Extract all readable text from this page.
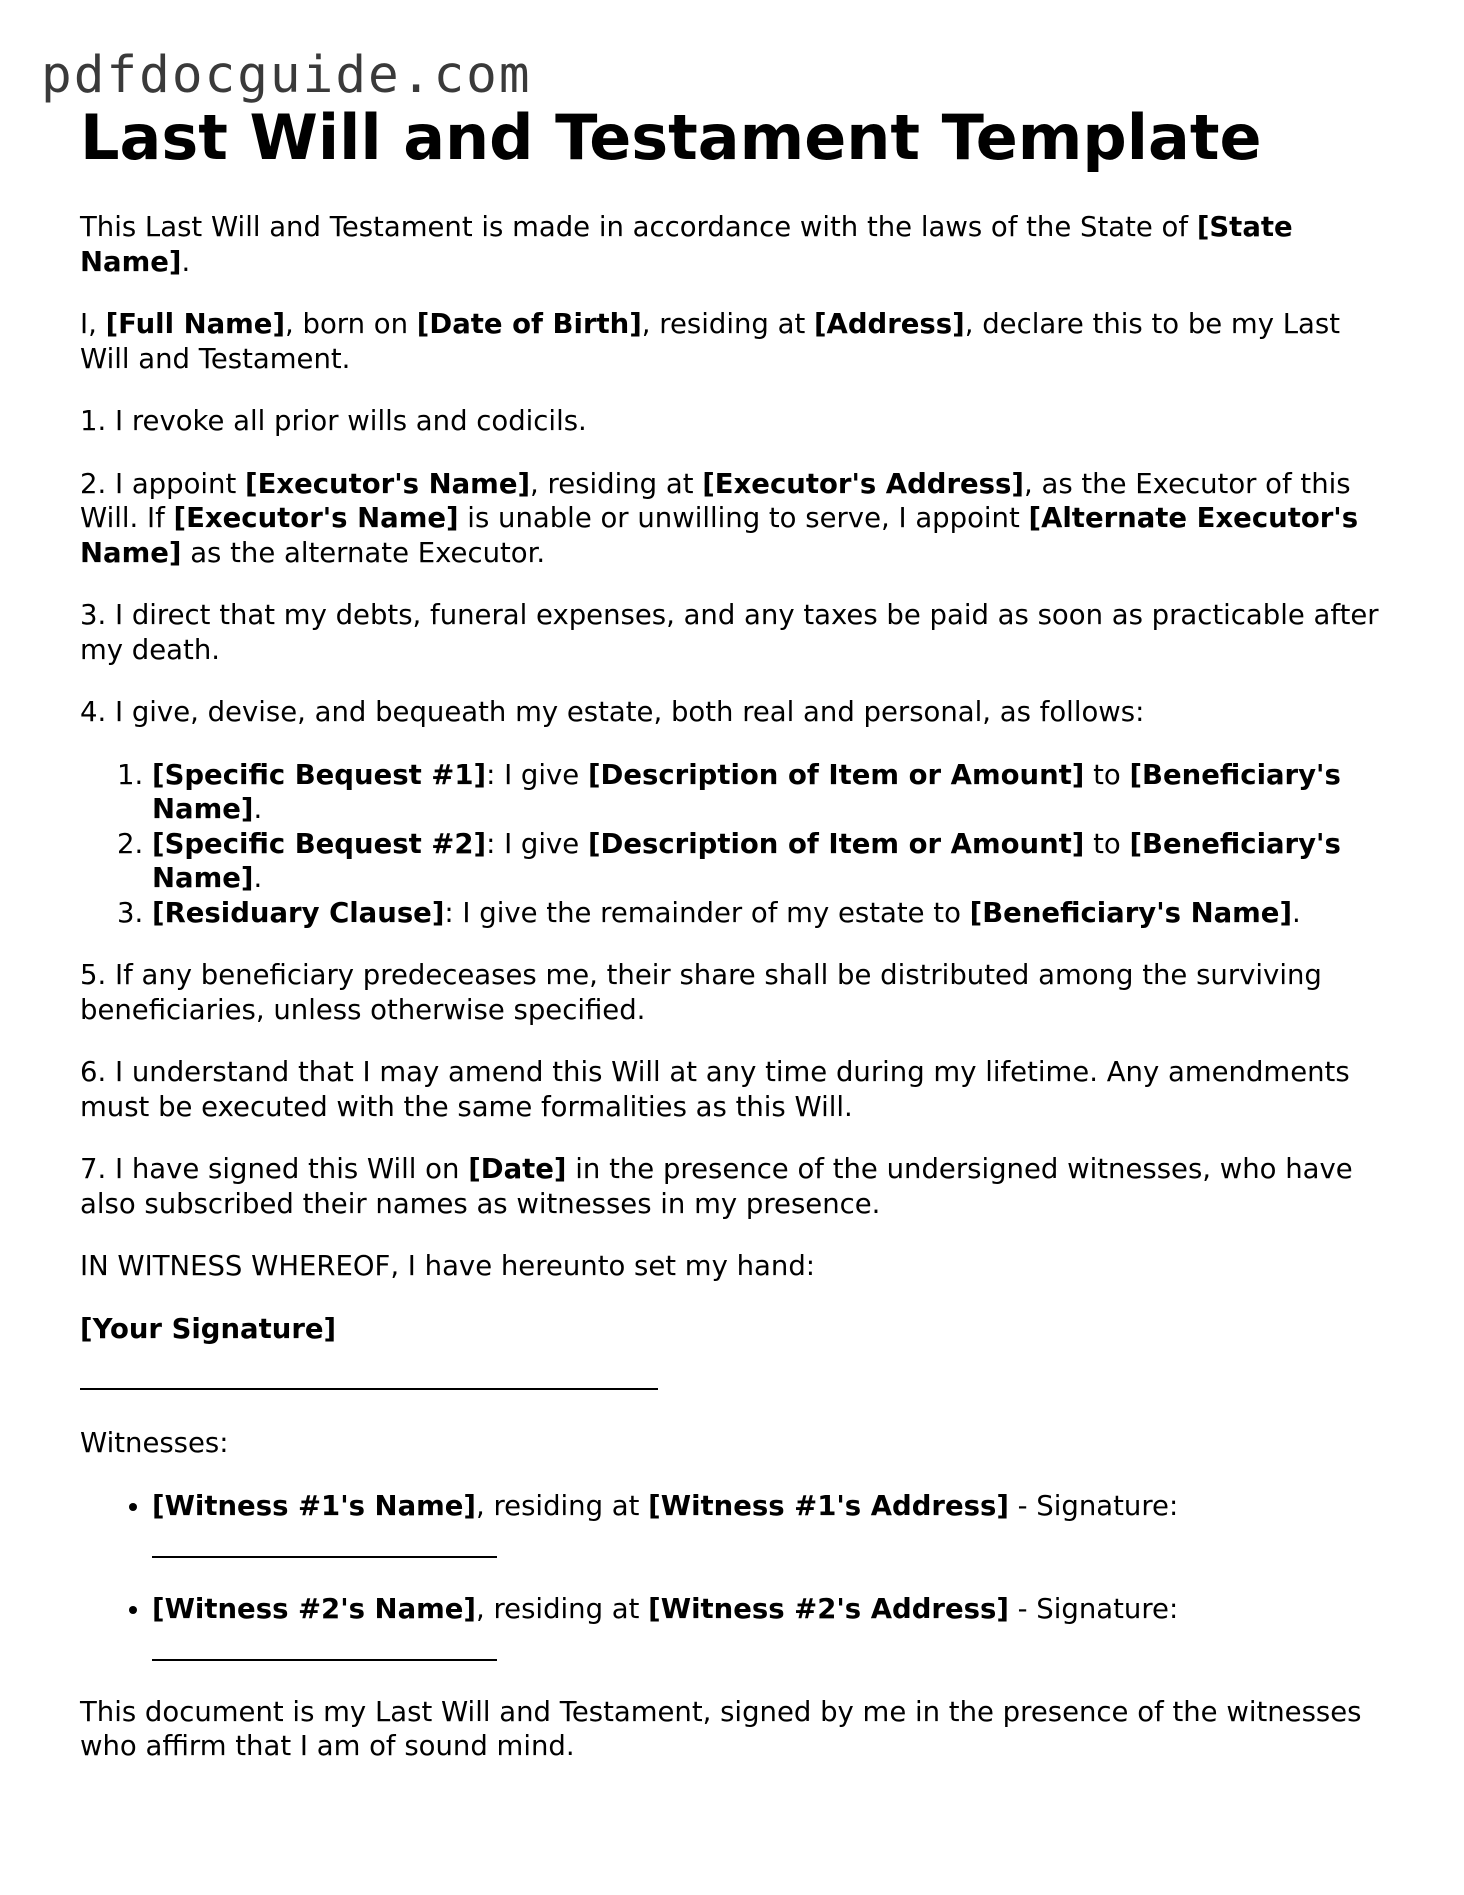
pdfdocguide.com
Last Will and Testament Template

This Last Will and Testament is made in accordance with the laws of the State of [State Name].

I, [Full Name], born on [Date of Birth], residing at [Address], declare this to be my Last Will and Testament.

1. I revoke all prior wills and codicils.

2. I appoint [Executor's Name], residing at [Executor's Address], as the Executor of this Will. If [Executor's Name] is unable or unwilling to serve, I appoint [Alternate Executor's Name] as the alternate Executor.

3. I direct that my debts, funeral expenses, and any taxes be paid as soon as practicable after my death.

4. I give, devise, and bequeath my estate, both real and personal, as follows:

1. [Specific Bequest #1]: I give [Description of Item or Amount] to [Beneficiary's Name].
2. [Specific Bequest #2]: I give [Description of Item or Amount] to [Beneficiary's Name].
3. [Residuary Clause]: I give the remainder of my estate to [Beneficiary's Name].

5. If any beneficiary predeceases me, their share shall be distributed among the surviving beneficiaries, unless otherwise specified.

6. I understand that I may amend this Will at any time during my lifetime. Any amendments must be executed with the same formalities as this Will.

7. I have signed this Will on [Date] in the presence of the undersigned witnesses, who have also subscribed their names as witnesses in my presence.

IN WITNESS WHEREOF, I have hereunto set my hand:

[Your Signature]

Witnesses:

• [Witness #1's Name], residing at [Witness #1's Address] - Signature:
• [Witness #2's Name], residing at [Witness #2's Address] - Signature:

This document is my Last Will and Testament, signed by me in the presence of the witnesses who affirm that I am of sound mind.
